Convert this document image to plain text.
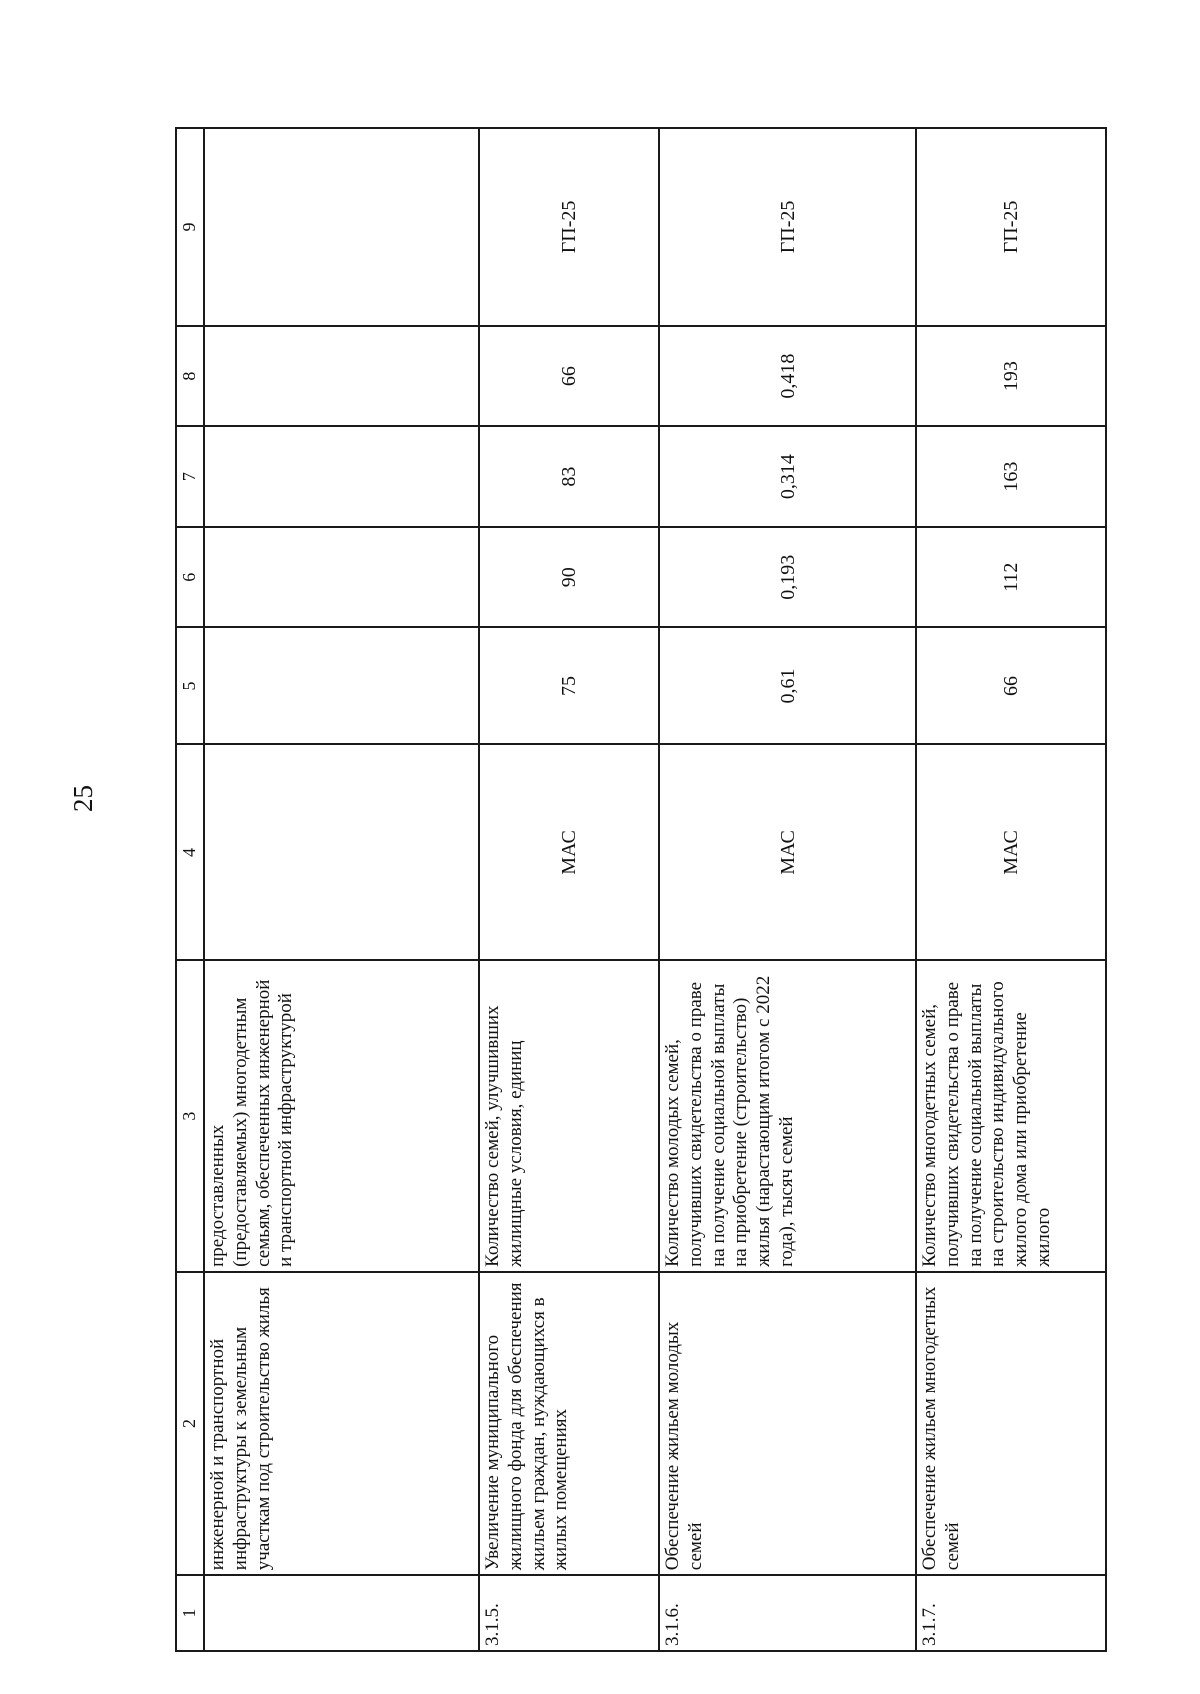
25
1	2	3	4	5	6	7	8	9
	инженерной и транспортной инфраструктуры к земельным участкам под строительство жилья	предоставленных (предоставляемых) многодетным семьям, обеспеченных инженерной и транспортной инфраструктурой						
3.1.5.	Увеличение муниципального жилищного фонда для обеспечения жильем граждан, нуждающихся в жилых помещениях	Количество семей, улучшивших жилищные условия, единиц	МАС	75	90	83	66	ГП-25
3.1.6.	Обеспечение жильем молодых семей	Количество молодых семей, получивших свидетельства о праве на получение социальной выплаты на приобретение (строительство) жилья (нарастающим итогом с 2022 года), тысяч семей	МАС	0,61	0,193	0,314	0,418	ГП-25
3.1.7.	Обеспечение жильем многодетных семей	Количество многодетных семей, получивших свидетельства о праве на получение социальной выплаты на строительство индивидуального жилого дома или приобретение жилого	МАС	66	112	163	193	ГП-25
